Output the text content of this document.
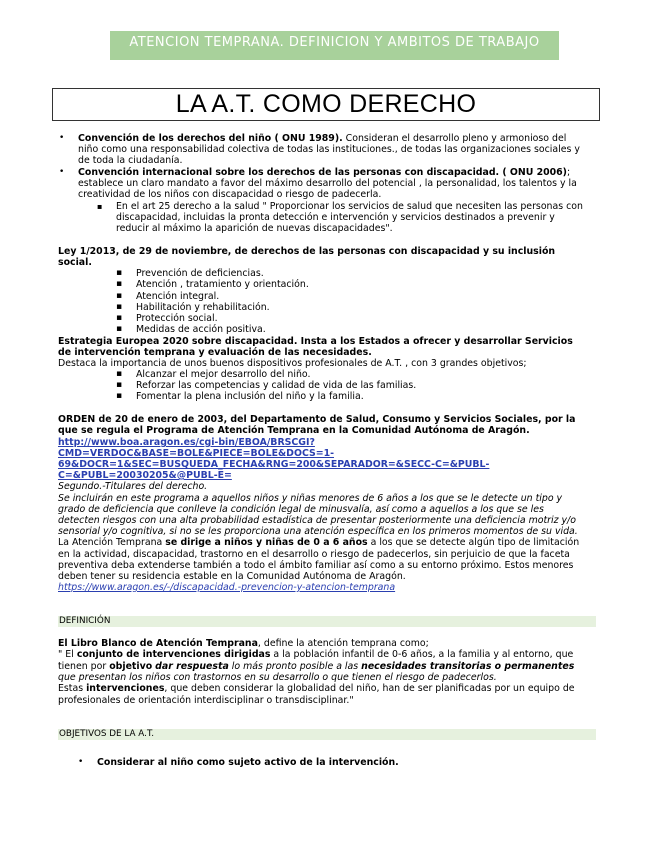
ATENCION TEMPRANA. DEFINICION Y AMBITOS DE TRABAJO
LA A.T. COMO DERECHO
• Convención de los derechos del niño ( ONU 1989). Consideran el desarrollo pleno y armonioso del
niño como una responsabilidad colectiva de todas las instituciones., de todas las organizaciones sociales y
de toda la ciudadanía.
• Convención internacional sobre los derechos de las personas con discapacidad. ( ONU 2006);
establece un claro mandato a favor del máximo desarrollo del potencial , la personalidad, los talentos y la
creatividad de los niños con discapacidad o riesgo de padecerla.
▪ En el art 25 derecho a la salud " Proporcionar los servicios de salud que necesiten las personas con
discapacidad, incluidas la pronta detección e intervención y servicios destinados a prevenir y
reducir al máximo la aparición de nuevas discapacidades".
Ley 1/2013, de 29 de noviembre, de derechos de las personas con discapacidad y su inclusión
social.
▪ Prevención de deficiencias.
▪ Atención , tratamiento y orientación.
▪ Atención integral.
▪ Habilitación y rehabilitación.
▪ Protección social.
▪ Medidas de acción positiva.
Estrategia Europea 2020 sobre discapacidad. Insta a los Estados a ofrecer y desarrollar Servicios
de intervención temprana y evaluación de las necesidades.
Destaca la importancia de unos buenos dispositivos profesionales de A.T. , con 3 grandes objetivos;
▪ Alcanzar el mejor desarrollo del niño.
▪ Reforzar las competencias y calidad de vida de las familias.
▪ Fomentar la plena inclusión del niño y la familia.
ORDEN de 20 de enero de 2003, del Departamento de Salud, Consumo y Servicios Sociales, por la
que se regula el Programa de Atención Temprana en la Comunidad Autónoma de Aragón.
http://www.boa.aragon.es/cgi-bin/EBOA/BRSCGI?
CMD=VERDOC&BASE=BOLE&PIECE=BOLE&DOCS=1-
69&DOCR=1&SEC=BUSQUEDA_FECHA&RNG=200&SEPARADOR=&SECC-C=&PUBL-
C=&PUBL=20030205&@PUBL-E=
Segundo.-Titulares del derecho.
Se incluirán en este programa a aquellos niños y niñas menores de 6 años a los que se le detecte un tipo y
grado de deficiencia que conlleve la condición legal de minusvalía, así como a aquellos a los que se les
detecten riesgos con una alta probabilidad estadística de presentar posteriormente una deficiencia motriz y/o
sensorial y/o cognitiva, si no se les proporciona una atención específica en los primeros momentos de su vida.
La Atención Temprana se dirige a niños y niñas de 0 a 6 años a los que se detecte algún tipo de limitación
en la actividad, discapacidad, trastorno en el desarrollo o riesgo de padecerlos, sin perjuicio de que la faceta
preventiva deba extenderse también a todo el ámbito familiar así como a su entorno próximo. Estos menores
deben tener su residencia estable en la Comunidad Autónoma de Aragón.
https://www.aragon.es/-/discapacidad.-prevencion-y-atencion-temprana
DEFINICIÓN
El Libro Blanco de Atención Temprana, define la atención temprana como;
" El conjunto de intervenciones dirigidas a la población infantil de 0-6 años, a la familia y al entorno, que
tienen por objetivo dar respuesta lo más pronto posible a las necesidades transitorias o permanentes
que presentan los niños con trastornos en su desarrollo o que tienen el riesgo de padecerlos.
Estas intervenciones, que deben considerar la globalidad del niño, han de ser planificadas por un equipo de
profesionales de orientación interdisciplinar o transdisciplinar."
OBJETIVOS DE LA A.T.
• Considerar al niño como sujeto activo de la intervención.
